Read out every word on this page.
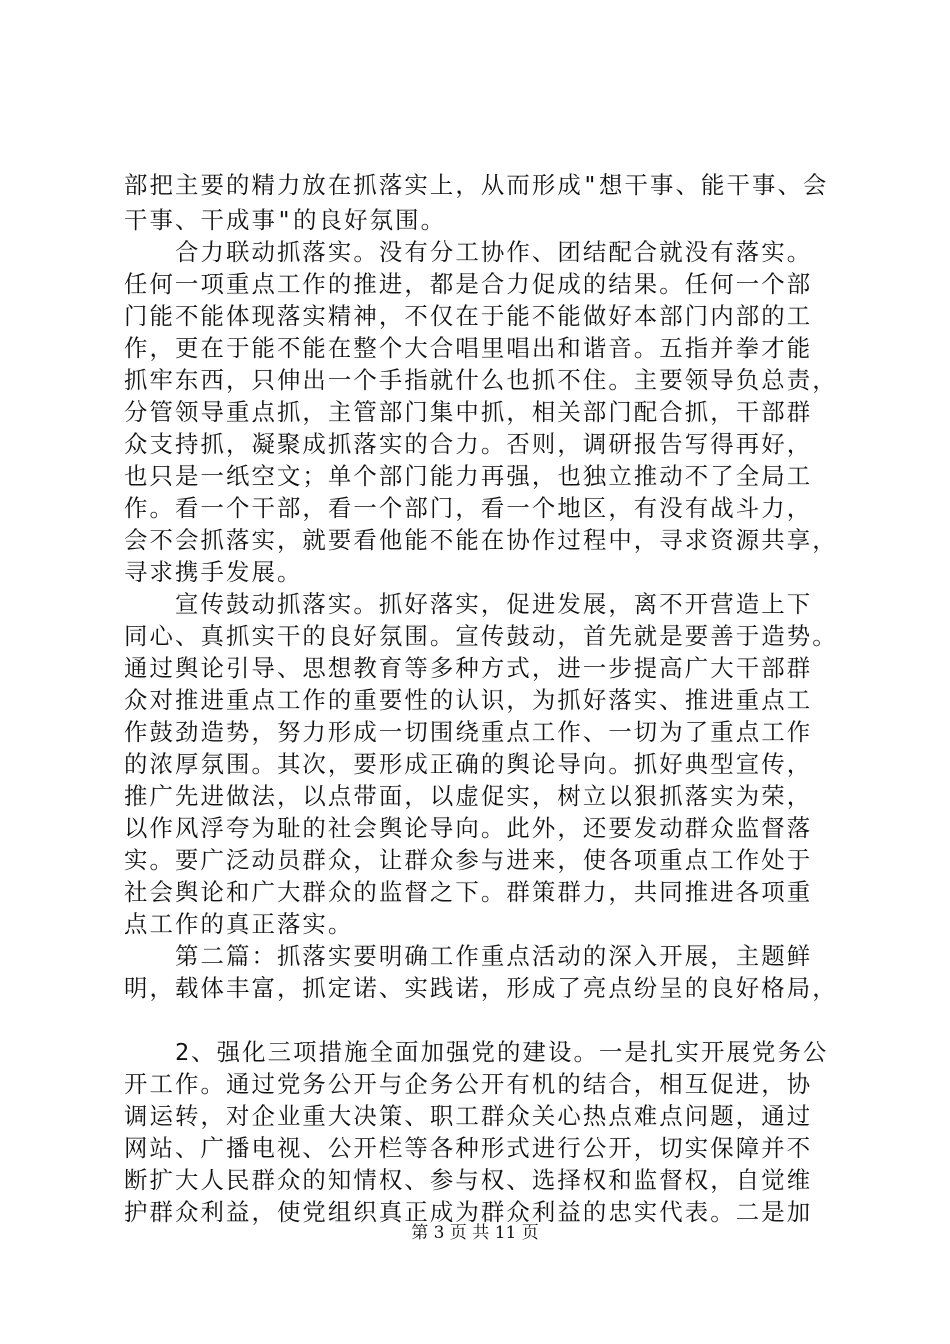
部把主要的精力放在抓落实上，从而形成"想干事、能干事、会
干事、干成事"的良好氛围。
　　合力联动抓落实。没有分工协作、团结配合就没有落实。
任何一项重点工作的推进，都是合力促成的结果。任何一个部
门能不能体现落实精神，不仅在于能不能做好本部门内部的工
作，更在于能不能在整个大合唱里唱出和谐音。五指并拳才能
抓牢东西，只伸出一个手指就什么也抓不住。主要领导负总责，
分管领导重点抓，主管部门集中抓，相关部门配合抓，干部群
众支持抓，凝聚成抓落实的合力。否则，调研报告写得再好，
也只是一纸空文；单个部门能力再强，也独立推动不了全局工
作。看一个干部，看一个部门，看一个地区，有没有战斗力，
会不会抓落实，就要看他能不能在协作过程中，寻求资源共享，
寻求携手发展。
　　宣传鼓动抓落实。抓好落实，促进发展，离不开营造上下
同心、真抓实干的良好氛围。宣传鼓动，首先就是要善于造势。
通过舆论引导、思想教育等多种方式，进一步提高广大干部群
众对推进重点工作的重要性的认识，为抓好落实、推进重点工
作鼓劲造势，努力形成一切围绕重点工作、一切为了重点工作
的浓厚氛围。其次，要形成正确的舆论导向。抓好典型宣传，
推广先进做法，以点带面，以虚促实，树立以狠抓落实为荣，
以作风浮夸为耻的社会舆论导向。此外，还要发动群众监督落
实。要广泛动员群众，让群众参与进来，使各项重点工作处于
社会舆论和广大群众的监督之下。群策群力，共同推进各项重
点工作的真正落实。
　　第二篇：抓落实要明确工作重点活动的深入开展，主题鲜
明，载体丰富，抓定诺、实践诺，形成了亮点纷呈的良好格局，
　　2、强化三项措施全面加强党的建设。一是扎实开展党务公
开工作。通过党务公开与企务公开有机的结合，相互促进，协
调运转，对企业重大决策、职工群众关心热点难点问题，通过
网站、广播电视、公开栏等各种形式进行公开，切实保障并不
断扩大人民群众的知情权、参与权、选择权和监督权，自觉维
护群众利益，使党组织真正成为群众利益的忠实代表。二是加
第 3 页 共 11 页
